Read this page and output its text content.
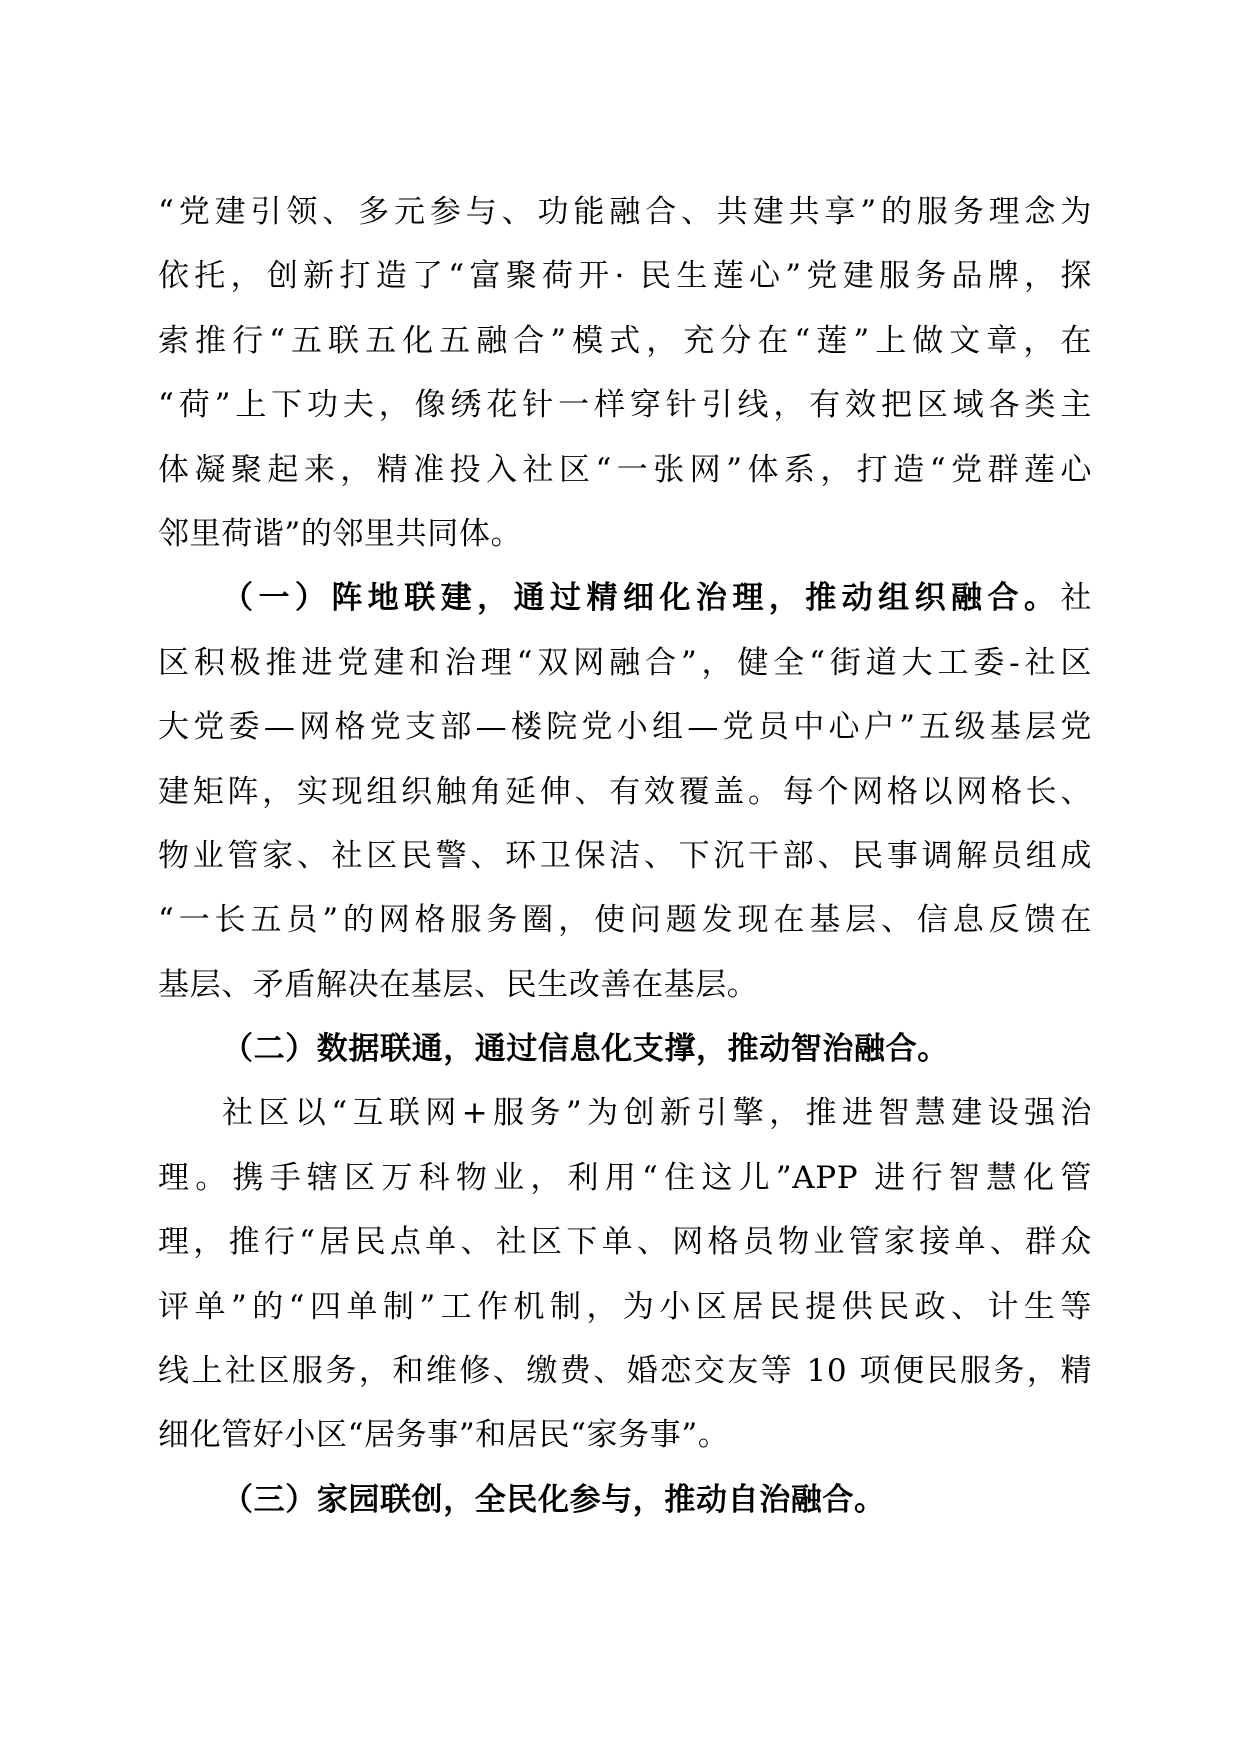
“党建引领、多元参与、功能融合、共建共享”的服务理念为
依托，创新打造了“富聚荷开· 民生莲心”党建服务品牌，探
索推行“五联五化五融合”模式，充分在“莲”上做文章，在
“荷”上下功夫，像绣花针一样穿针引线，有效把区域各类主
体凝聚起来，精准投入社区“一张网”体系，打造“党群莲心
邻里荷谐”的邻里共同体。
（一）阵地联建，通过精细化治理，推动组织融合。社
区积极推进党建和治理“双网融合”，健全“街道大工委-社区
大党委—网格党支部—楼院党小组—党员中心户”五级基层党
建矩阵，实现组织触角延伸、有效覆盖。每个网格以网格长、
物业管家、社区民警、环卫保洁、下沉干部、民事调解员组成
“一长五员”的网格服务圈，使问题发现在基层、信息反馈在
基层、矛盾解决在基层、民生改善在基层。
（二）数据联通，通过信息化支撑，推动智治融合。
社区以“互联网+服务”为创新引擎，推进智慧建设强治
理。携手辖区万科物业，利用“住这儿”APP 进行智慧化管
理，推行“居民点单、社区下单、网格员物业管家接单、群众
评单”的“四单制”工作机制，为小区居民提供民政、计生等
线上社区服务，和维修、缴费、婚恋交友等 10 项便民服务，精
细化管好小区“居务事”和居民“家务事”。
（三）家园联创，全民化参与，推动自治融合。
